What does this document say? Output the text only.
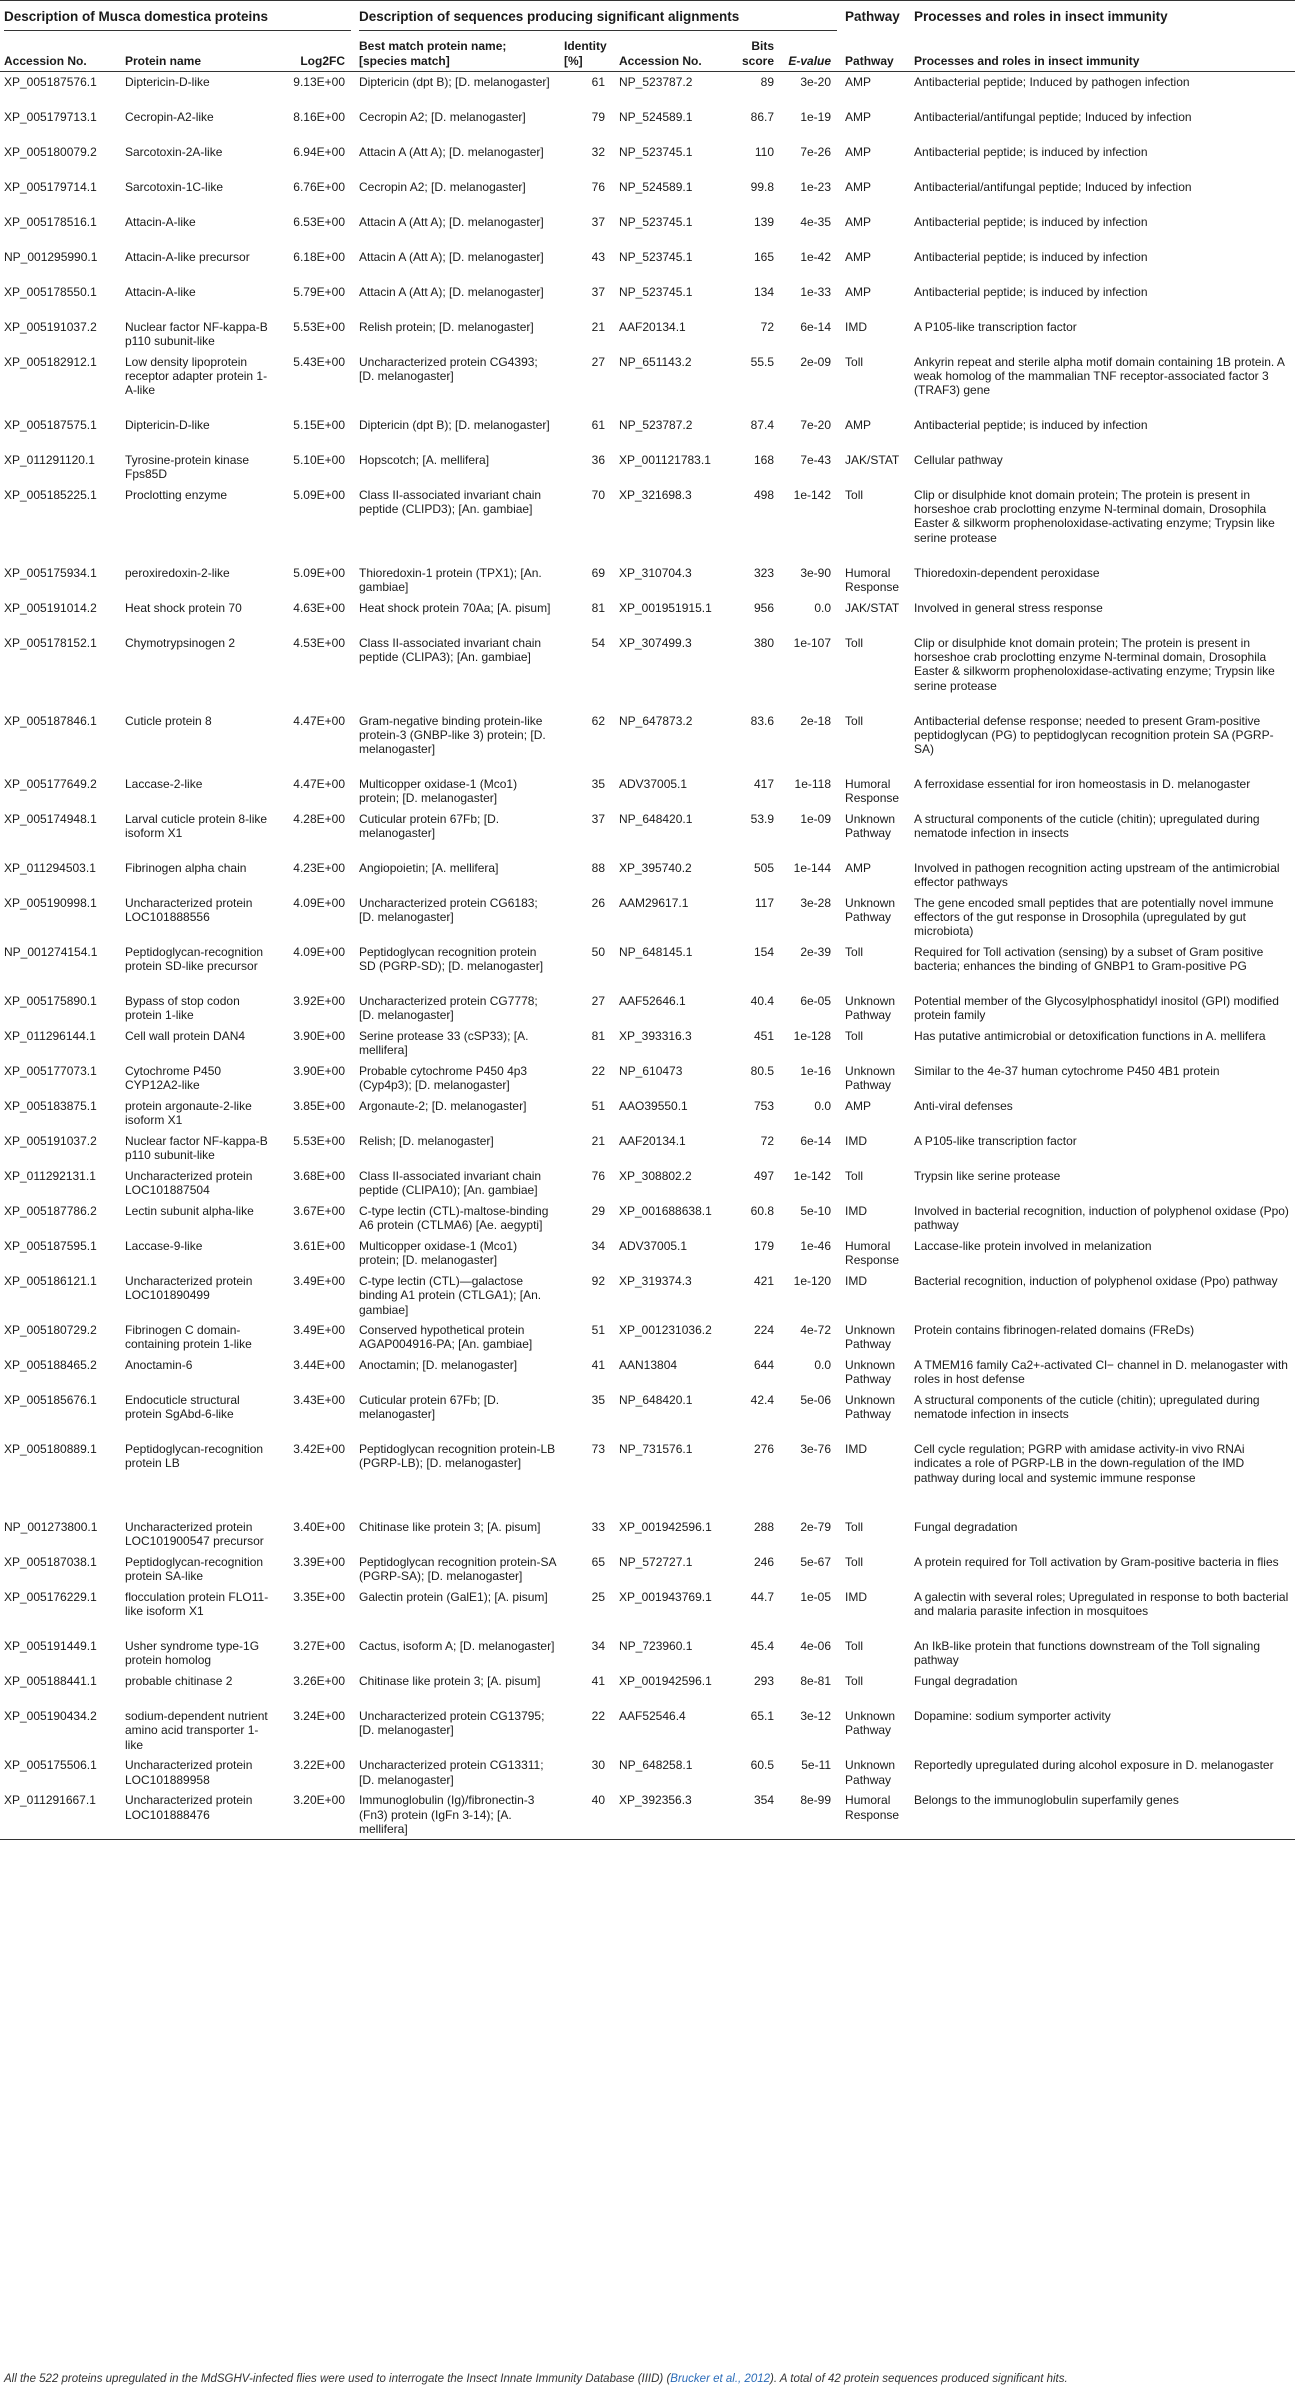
Description of Musca domestica proteins			Description of sequences producing significant alignments					Pathway	Processes and roles in insect immunity
Accession No.	Protein name	Log2FC	Best match protein name; [species match]	Identity [%]	Accession No.	Bits score	E-value	Pathway	Processes and roles in insect immunity
XP_005187576.1	Diptericin-D-like	9.13E+00	Diptericin (dpt B); [D. melanogaster]	61	NP_523787.2	89	3e-20	AMP	Antibacterial peptide; Induced by pathogen infection
XP_005179713.1	Cecropin-A2-like	8.16E+00	Cecropin A2; [D. melanogaster]	79	NP_524589.1	86.7	1e-19	AMP	Antibacterial/antifungal peptide; Induced by infection
XP_005180079.2	Sarcotoxin-2A-like	6.94E+00	Attacin A (Att A); [D. melanogaster]	32	NP_523745.1	110	7e-26	AMP	Antibacterial peptide; is induced by infection
XP_005179714.1	Sarcotoxin-1C-like	6.76E+00	Cecropin A2; [D. melanogaster]	76	NP_524589.1	99.8	1e-23	AMP	Antibacterial/antifungal peptide; Induced by infection
XP_005178516.1	Attacin-A-like	6.53E+00	Attacin A (Att A); [D. melanogaster]	37	NP_523745.1	139	4e-35	AMP	Antibacterial peptide; is induced by infection
NP_001295990.1	Attacin-A-like precursor	6.18E+00	Attacin A (Att A); [D. melanogaster]	43	NP_523745.1	165	1e-42	AMP	Antibacterial peptide; is induced by infection
XP_005178550.1	Attacin-A-like	5.79E+00	Attacin A (Att A); [D. melanogaster]	37	NP_523745.1	134	1e-33	AMP	Antibacterial peptide; is induced by infection
XP_005191037.2	Nuclear factor NF-kappa-B p110 subunit-like	5.53E+00	Relish protein; [D. melanogaster]	21	AAF20134.1	72	6e-14	IMD	A P105-like transcription factor
XP_005182912.1	Low density lipoprotein receptor adapter protein 1-A-like	5.43E+00	Uncharacterized protein CG4393; [D. melanogaster]	27	NP_651143.2	55.5	2e-09	Toll	Ankyrin repeat and sterile alpha motif domain containing 1B protein. A weak homolog of the mammalian TNF receptor-associated factor 3 (TRAF3) gene
XP_005187575.1	Diptericin-D-like	5.15E+00	Diptericin (dpt B); [D. melanogaster]	61	NP_523787.2	87.4	7e-20	AMP	Antibacterial peptide; is induced by infection
XP_011291120.1	Tyrosine-protein kinase Fps85D	5.10E+00	Hopscotch; [A. mellifera]	36	XP_001121783.1	168	7e-43	JAK/STAT	Cellular pathway
XP_005185225.1	Proclotting enzyme	5.09E+00	Class II-associated invariant chain peptide (CLIPD3); [An. gambiae]	70	XP_321698.3	498	1e-142	Toll	Clip or disulphide knot domain protein; The protein is present in horseshoe crab proclotting enzyme N-terminal domain, Drosophila Easter & silkworm prophenoloxidase-activating enzyme; Trypsin like serine protease
XP_005175934.1	peroxiredoxin-2-like	5.09E+00	Thioredoxin-1 protein (TPX1); [An. gambiae]	69	XP_310704.3	323	3e-90	Humoral Response	Thioredoxin-dependent peroxidase
XP_005191014.2	Heat shock protein 70	4.63E+00	Heat shock protein 70Aa; [A. pisum]	81	XP_001951915.1	956	0.0	JAK/STAT	Involved in general stress response
XP_005178152.1	Chymotrypsinogen 2	4.53E+00	Class II-associated invariant chain peptide (CLIPA3); [An. gambiae]	54	XP_307499.3	380	1e-107	Toll	Clip or disulphide knot domain protein; The protein is present in horseshoe crab proclotting enzyme N-terminal domain, Drosophila Easter & silkworm prophenoloxidase-activating enzyme; Trypsin like serine protease
XP_005187846.1	Cuticle protein 8	4.47E+00	Gram-negative binding protein-like protein-3 (GNBP-like 3) protein; [D. melanogaster]	62	NP_647873.2	83.6	2e-18	Toll	Antibacterial defense response; needed to present Gram-positive peptidoglycan (PG) to peptidoglycan recognition protein SA (PGRP-SA)
XP_005177649.2	Laccase-2-like	4.47E+00	Multicopper oxidase-1 (Mco1) protein; [D. melanogaster]	35	ADV37005.1	417	1e-118	Humoral Response	A ferroxidase essential for iron homeostasis in D. melanogaster
XP_005174948.1	Larval cuticle protein 8-like isoform X1	4.28E+00	Cuticular protein 67Fb; [D. melanogaster]	37	NP_648420.1	53.9	1e-09	Unknown Pathway	A structural components of the cuticle (chitin); upregulated during nematode infection in insects
XP_011294503.1	Fibrinogen alpha chain	4.23E+00	Angiopoietin; [A. mellifera]	88	XP_395740.2	505	1e-144	AMP	Involved in pathogen recognition acting upstream of the antimicrobial effector pathways
XP_005190998.1	Uncharacterized protein LOC101888556	4.09E+00	Uncharacterized protein CG6183; [D. melanogaster]	26	AAM29617.1	117	3e-28	Unknown Pathway	The gene encoded small peptides that are potentially novel immune effectors of the gut response in Drosophila (upregulated by gut microbiota)
NP_001274154.1	Peptidoglycan-recognition protein SD-like precursor	4.09E+00	Peptidoglycan recognition protein SD (PGRP-SD); [D. melanogaster]	50	NP_648145.1	154	2e-39	Toll	Required for Toll activation (sensing) by a subset of Gram positive bacteria; enhances the binding of GNBP1 to Gram-positive PG
XP_005175890.1	Bypass of stop codon protein 1-like	3.92E+00	Uncharacterized protein CG7778; [D. melanogaster]	27	AAF52646.1	40.4	6e-05	Unknown Pathway	Potential member of the Glycosylphosphatidyl inositol (GPI) modified protein family
XP_011296144.1	Cell wall protein DAN4	3.90E+00	Serine protease 33 (cSP33); [A. mellifera]	81	XP_393316.3	451	1e-128	Toll	Has putative antimicrobial or detoxification functions in A. mellifera
XP_005177073.1	Cytochrome P450 CYP12A2-like	3.90E+00	Probable cytochrome P450 4p3 (Cyp4p3); [D. melanogaster]	22	NP_610473	80.5	1e-16	Unknown Pathway	Similar to the 4e-37 human cytochrome P450 4B1 protein
XP_005183875.1	protein argonaute-2-like isoform X1	3.85E+00	Argonaute-2; [D. melanogaster]	51	AAO39550.1	753	0.0	AMP	Anti-viral defenses
XP_005191037.2	Nuclear factor NF-kappa-B p110 subunit-like	5.53E+00	Relish; [D. melanogaster]	21	AAF20134.1	72	6e-14	IMD	A P105-like transcription factor
XP_011292131.1	Uncharacterized protein LOC101887504	3.68E+00	Class II-associated invariant chain peptide (CLIPA10); [An. gambiae]	76	XP_308802.2	497	1e-142	Toll	Trypsin like serine protease
XP_005187786.2	Lectin subunit alpha-like	3.67E+00	C-type lectin (CTL)-maltose-binding A6 protein (CTLMA6) [Ae. aegypti]	29	XP_001688638.1	60.8	5e-10	IMD	Involved in bacterial recognition, induction of polyphenol oxidase (Ppo) pathway
XP_005187595.1	Laccase-9-like	3.61E+00	Multicopper oxidase-1 (Mco1) protein; [D. melanogaster]	34	ADV37005.1	179	1e-46	Humoral Response	Laccase-like protein involved in melanization
XP_005186121.1	Uncharacterized protein LOC101890499	3.49E+00	C-type lectin (CTL)—galactose binding A1 protein (CTLGA1); [An. gambiae]	92	XP_319374.3	421	1e-120	IMD	Bacterial recognition, induction of polyphenol oxidase (Ppo) pathway
XP_005180729.2	Fibrinogen C domain-containing protein 1-like	3.49E+00	Conserved hypothetical protein AGAP004916-PA; [An. gambiae]	51	XP_001231036.2	224	4e-72	Unknown Pathway	Protein contains fibrinogen-related domains (FReDs)
XP_005188465.2	Anoctamin-6	3.44E+00	Anoctamin; [D. melanogaster]	41	AAN13804	644	0.0	Unknown Pathway	A TMEM16 family Ca2+-activated Cl− channel in D. melanogaster with roles in host defense
XP_005185676.1	Endocuticle structural protein SgAbd-6-like	3.43E+00	Cuticular protein 67Fb; [D. melanogaster]	35	NP_648420.1	42.4	5e-06	Unknown Pathway	A structural components of the cuticle (chitin); upregulated during nematode infection in insects
XP_005180889.1	Peptidoglycan-recognition protein LB	3.42E+00	Peptidoglycan recognition protein-LB (PGRP-LB); [D. melanogaster]	73	NP_731576.1	276	3e-76	IMD	Cell cycle regulation; PGRP with amidase activity-in vivo RNAi indicates a role of PGRP-LB in the down-regulation of the IMD pathway during local and systemic immune response
NP_001273800.1	Uncharacterized protein LOC101900547 precursor	3.40E+00	Chitinase like protein 3; [A. pisum]	33	XP_001942596.1	288	2e-79	Toll	Fungal degradation
XP_005187038.1	Peptidoglycan-recognition protein SA-like	3.39E+00	Peptidoglycan recognition protein-SA (PGRP-SA); [D. melanogaster]	65	NP_572727.1	246	5e-67	Toll	A protein required for Toll activation by Gram-positive bacteria in flies
XP_005176229.1	flocculation protein FLO11-like isoform X1	3.35E+00	Galectin protein (GalE1); [A. pisum]	25	XP_001943769.1	44.7	1e-05	IMD	A galectin with several roles; Upregulated in response to both bacterial and malaria parasite infection in mosquitoes
XP_005191449.1	Usher syndrome type-1G protein homolog	3.27E+00	Cactus, isoform A; [D. melanogaster]	34	NP_723960.1	45.4	4e-06	Toll	An IkB-like protein that functions downstream of the Toll signaling pathway
XP_005188441.1	probable chitinase 2	3.26E+00	Chitinase like protein 3; [A. pisum]	41	XP_001942596.1	293	8e-81	Toll	Fungal degradation
XP_005190434.2	sodium-dependent nutrient amino acid transporter 1-like	3.24E+00	Uncharacterized protein CG13795; [D. melanogaster]	22	AAF52546.4	65.1	3e-12	Unknown Pathway	Dopamine: sodium symporter activity
XP_005175506.1	Uncharacterized protein LOC101889958	3.22E+00	Uncharacterized protein CG13311; [D. melanogaster]	30	NP_648258.1	60.5	5e-11	Unknown Pathway	Reportedly upregulated during alcohol exposure in D. melanogaster
XP_011291667.1	Uncharacterized protein LOC101888476	3.20E+00	Immunoglobulin (Ig)/fibronectin-3 (Fn3) protein (IgFn 3-14); [A. mellifera]	40	XP_392356.3	354	8e-99	Humoral Response	Belongs to the immunoglobulin superfamily genes
All the 522 proteins upregulated in the MdSGHV-infected flies were used to interrogate the Insect Innate Immunity Database (IIID) (Brucker et al., 2012). A total of 42 protein sequences produced significant hits.
